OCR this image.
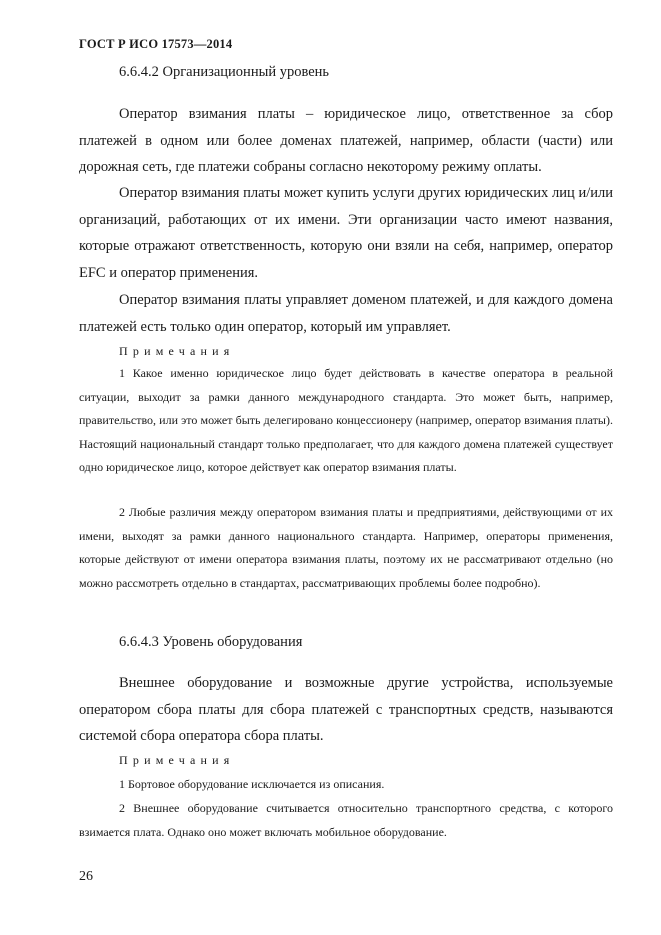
ГОСТ Р ИСО 17573—2014
6.6.4.2 Организационный уровень
Оператор взимания платы – юридическое лицо, ответственное за сбор платежей в одном или более доменах платежей, например, области (части) или дорожная сеть, где платежи собраны согласно некоторому режиму оплаты.
Оператор взимания платы может купить услуги других юридических лиц и/или организаций, работающих от их имени. Эти организации часто имеют названия, которые отражают ответственность, которую они взяли на себя, например, оператор EFC и оператор применения.
Оператор взимания платы управляет доменом платежей, и для каждого домена платежей есть только один оператор, который им управляет.
Примечания
1 Какое именно юридическое лицо будет действовать в качестве оператора в реальной ситуации, выходит за рамки данного международного стандарта. Это может быть, например, правительство, или это может быть делегировано концессионеру (например, оператор взимания платы). Настоящий национальный стандарт только предполагает, что для каждого домена платежей существует одно юридическое лицо, которое действует как оператор взимания платы.
2 Любые различия между оператором взимания платы и предприятиями, действующими от их имени, выходят за рамки данного национального стандарта. Например, операторы применения, которые действуют от имени оператора взимания платы, поэтому их не рассматривают отдельно (но можно рассмотреть отдельно в стандартах, рассматривающих проблемы более подробно).
6.6.4.3 Уровень оборудования
Внешнее оборудование и возможные другие устройства, используемые оператором сбора платы для сбора платежей с транспортных средств, называются системой сбора оператора сбора платы.
Примечания
1 Бортовое оборудование исключается из описания.
2 Внешнее оборудование считывается относительно транспортного средства, с которого взимается плата. Однако оно может включать мобильное оборудование.
26
